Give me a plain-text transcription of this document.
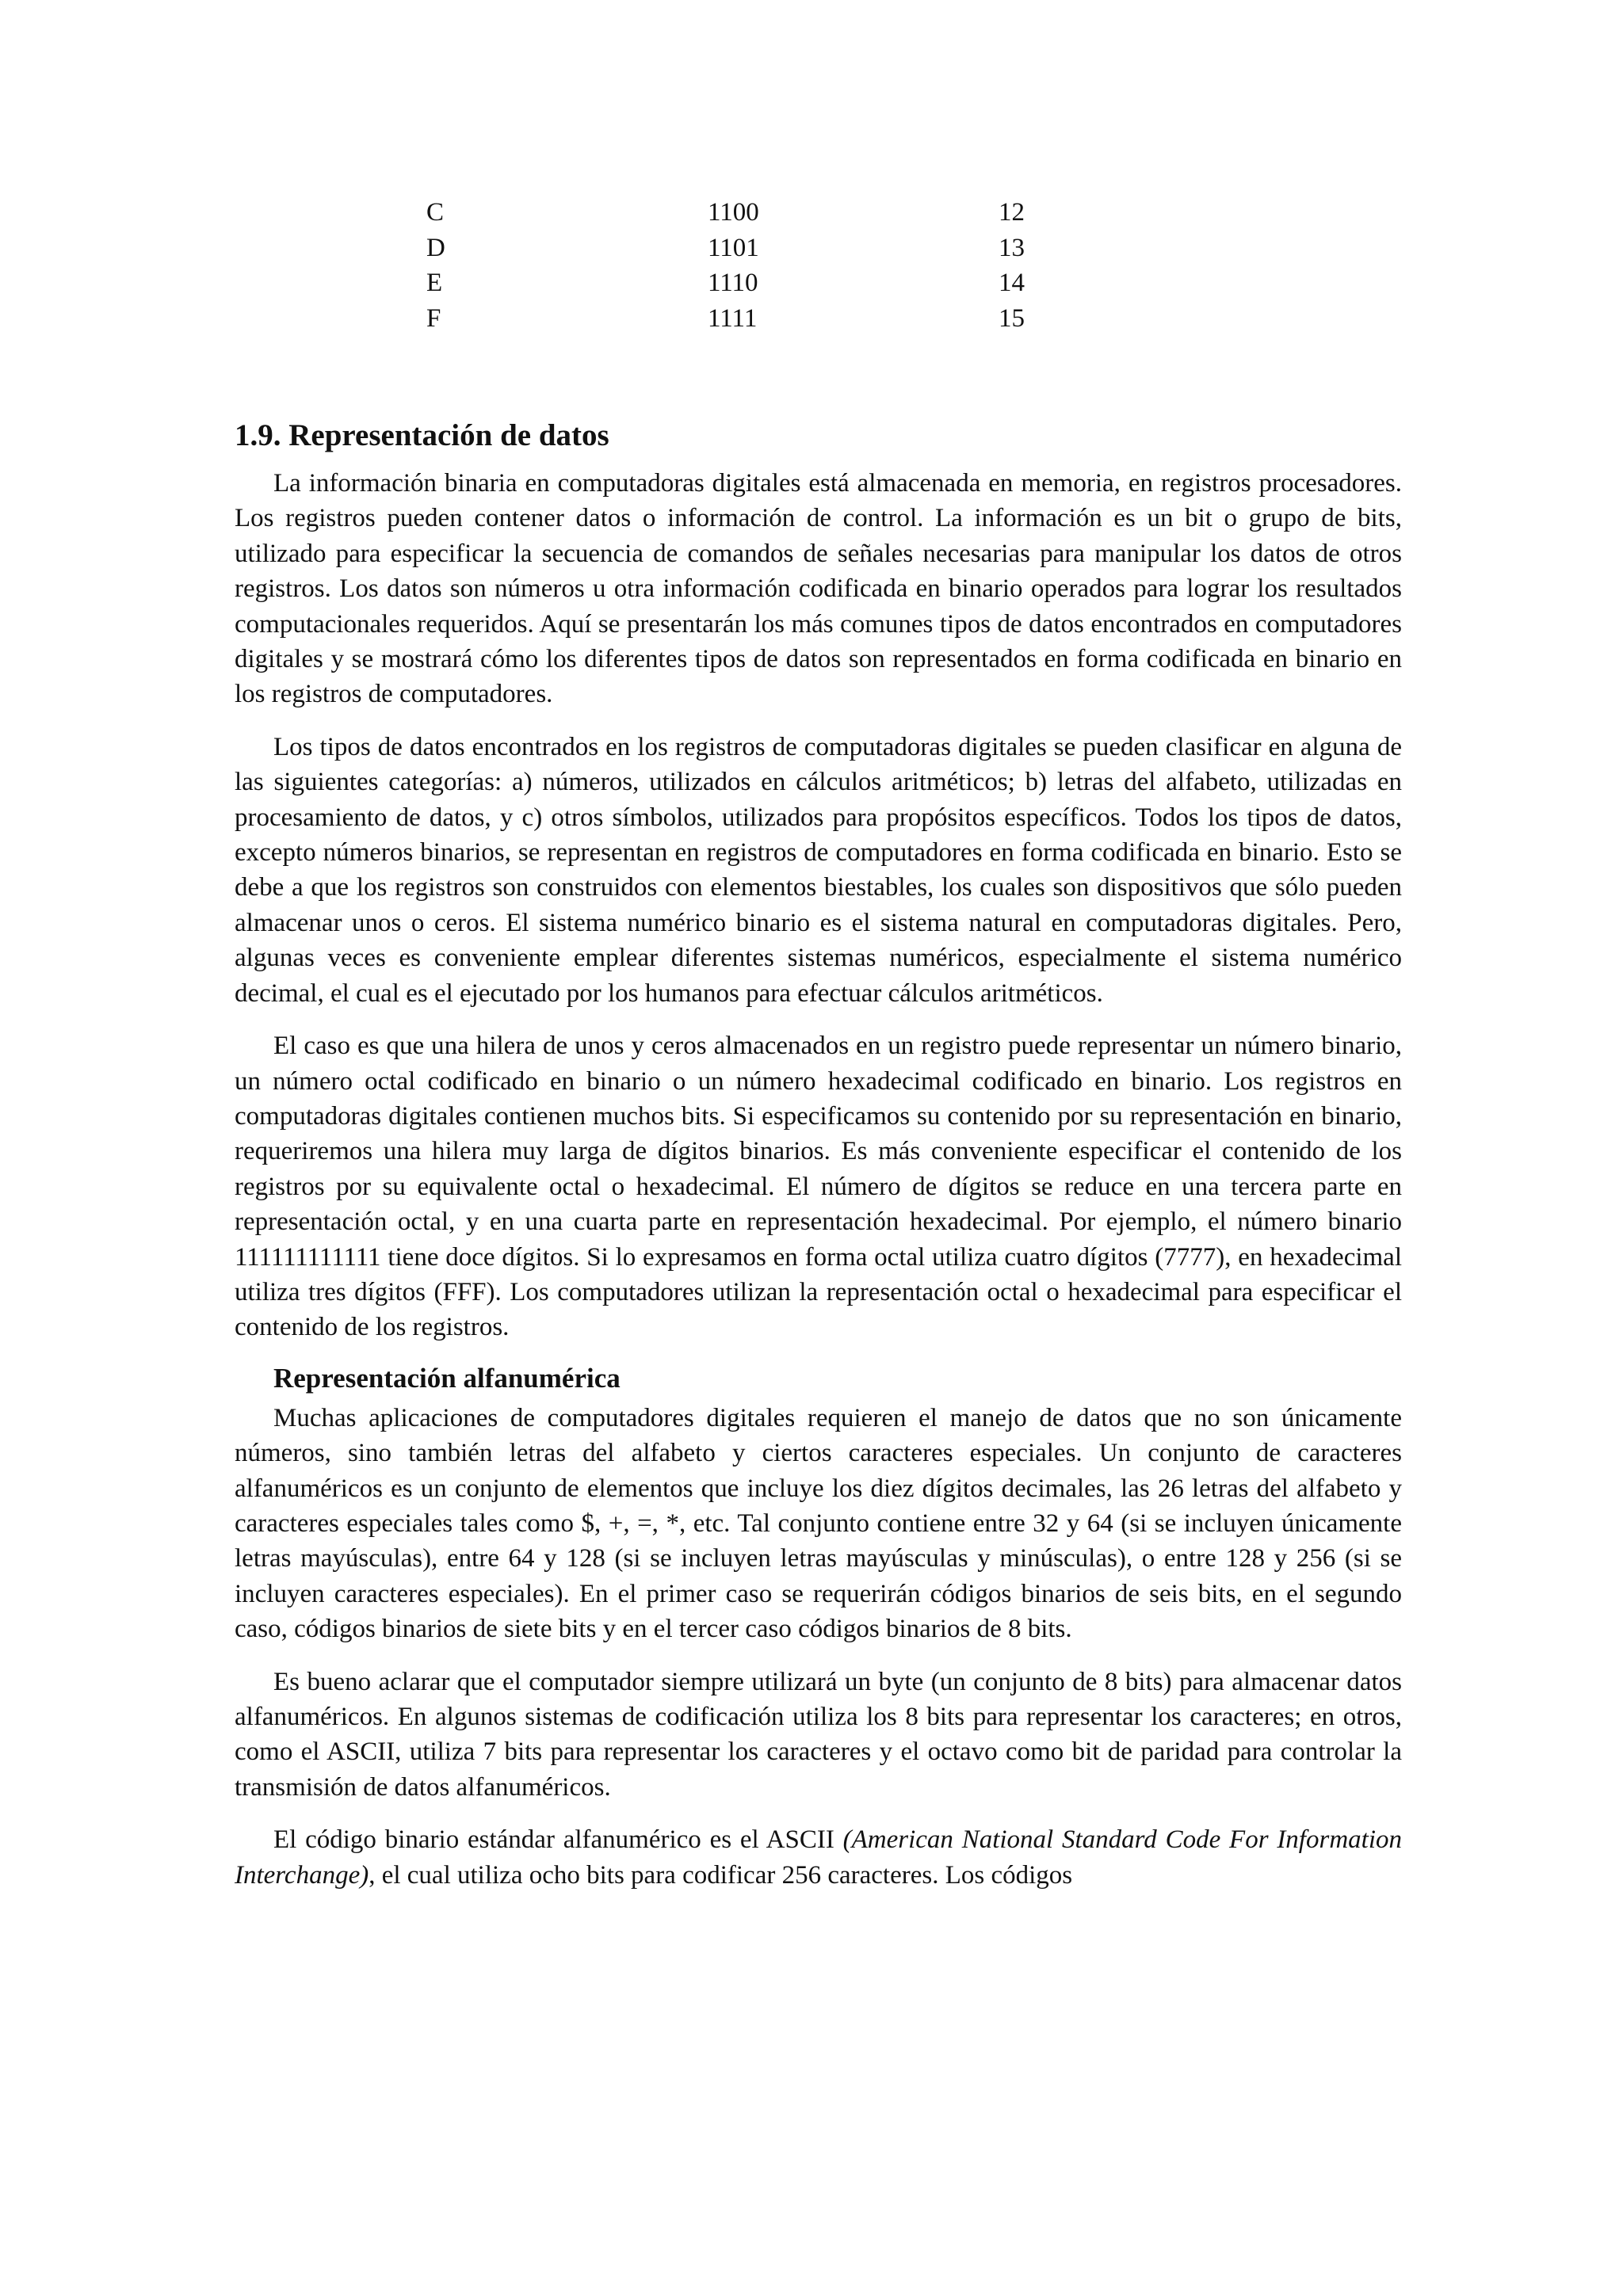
C	1100	12
D	1101	13
E	1110	14
F	1111	15
1.9. Representación de datos

La información binaria en computadoras digitales está almacenada en memoria, en registros procesadores. Los registros pueden contener datos o información de control. La información es un bit o grupo de bits, utilizado para especificar la secuencia de comandos de señales necesarias para manipular los datos de otros registros. Los datos son números u otra información codificada en binario operados para lograr los resultados computacionales requeridos. Aquí se presentarán los más comunes tipos de datos encontrados en computadores digitales y se mostrará cómo los diferentes tipos de datos son representados en forma codificada en binario en los registros de computadores.

Los tipos de datos encontrados en los registros de computadoras digitales se pueden clasificar en alguna de las siguientes categorías: a) números, utilizados en cálculos aritméticos; b) letras del alfabeto, utilizadas en procesamiento de datos, y c) otros símbolos, utilizados para propósitos específicos. Todos los tipos de datos, excepto números binarios, se representan en registros de computadores en forma codificada en binario. Esto se debe a que los registros son construidos con elementos biestables, los cuales son dispositivos que sólo pueden almacenar unos o ceros. El sistema numérico binario es el sistema natural en computadoras digitales. Pero, algunas veces es conveniente emplear diferentes sistemas numéricos, especialmente el sistema numérico decimal, el cual es el ejecutado por los humanos para efectuar cálculos aritméticos.

El caso es que una hilera de unos y ceros almacenados en un registro puede representar un número binario, un número octal codificado en binario o un número hexadecimal codificado en binario. Los registros en computadoras digitales contienen muchos bits. Si especificamos su contenido por su representación en binario, requeriremos una hilera muy larga de dígitos binarios. Es más conveniente especificar el contenido de los registros por su equivalente octal o hexadecimal. El número de dígitos se reduce en una tercera parte en representación octal, y en una cuarta parte en representación hexadecimal. Por ejemplo, el número binario 111111111111 tiene doce dígitos. Si lo expresamos en forma octal utiliza cuatro dígitos (7777), en hexadecimal utiliza tres dígitos (FFF). Los computadores utilizan la representación octal o hexadecimal para especificar el contenido de los registros.

Representación alfanumérica

Muchas aplicaciones de computadores digitales requieren el manejo de datos que no son únicamente números, sino también letras del alfabeto y ciertos caracteres especiales. Un conjunto de caracteres alfanuméricos es un conjunto de elementos que incluye los diez dígitos decimales, las 26 letras del alfabeto y caracteres especiales tales como $, +, =, *, etc. Tal conjunto contiene entre 32 y 64 (si se incluyen únicamente letras mayúsculas), entre 64 y 128 (si se incluyen letras mayúsculas y minúsculas), o entre 128 y 256 (si se incluyen caracteres especiales). En el primer caso se requerirán códigos binarios de seis bits, en el segundo caso, códigos binarios de siete bits y en el tercer caso códigos binarios de 8 bits.

Es bueno aclarar que el computador siempre utilizará un byte (un conjunto de 8 bits) para almacenar datos alfanuméricos. En algunos sistemas de codificación utiliza los 8 bits para representar los caracteres; en otros, como el ASCII, utiliza 7 bits para representar los caracteres y el octavo como bit de paridad para controlar la transmisión de datos alfanuméricos.

El código binario estándar alfanumérico es el ASCII (American National Standard Code For Information Interchange), el cual utiliza ocho bits para codificar 256 caracteres. Los códigos
